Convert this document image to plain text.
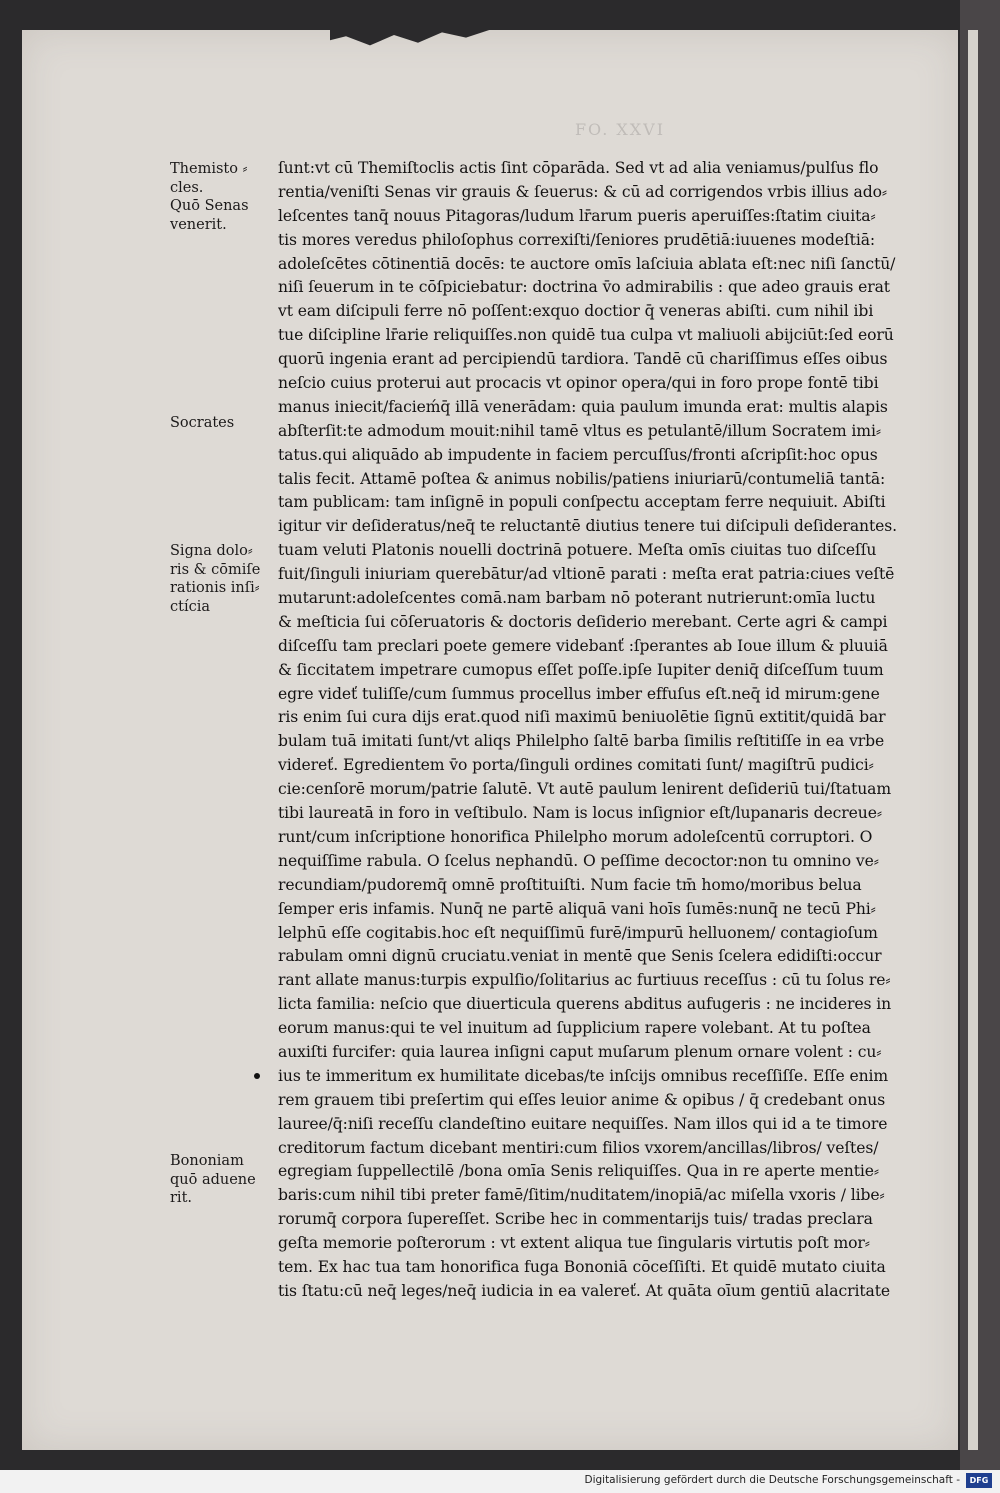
FO. XXVI
Themisto ⸗
cles.
Quō Senas
venerit.
Socrates
Signa dolo⸗
ris & cōmiſe
rationis inſi⸗
ctícia
Bononiam
quō aduene
rit.
ſunt:vt cū Themiſtoclis actis ſint cōparāda. Sed vt ad alia veniamus/pulſus flo
rentia/veniſti Senas vir grauis & ſeuerus: & cū ad corrigendos vrbis illius ado⸗
leſcentes tanq̄ nouus Pitagoras/ludum lr̄arum pueris aperuiſſes:ſtatim ciuita⸗
tis mores veredus philoſophus correxiſti/ſeniores prudētiā:iuuenes modeſtiā:
adoleſcētes cōtinentiā docēs: te auctore omīs laſciuia ablata eſt:nec niſi ſanctū/
niſi ſeuerum in te cōſpiciebatur: doctrina v̄o admirabilis : que adeo grauis erat
vt eam diſcipuli ferre nō poſſent:exquo doctior q̄ veneras abiſti. cum nihil ibi
tue diſcipline lr̄arie reliquiſſes.non quidē tua culpa vt maliuoli abijciūt:ſed eorū
quorū ingenia erant ad percipiendū tardiora. Tandē cū chariſſimus eſſes oibus
neſcio cuius proterui aut procacis vt opinor opera/qui in foro prope fontē tibi
manus iniecit/facieḿq̄ illā venerādam: quia paulum imunda erat: multis alapis
abſterſit:te admodum mouit:nihil tamē vltus es petulantē/illum Socratem imi⸗
tatus.qui aliquādo ab impudente in faciem percuſſus/fronti aſcripſit:hoc opus
talis fecit. Attamē poſtea & animus nobilis/patiens iniuriarū/contumeliā tantā:
tam publicam: tam inſignē in populi conſpectu acceptam ferre nequiuit. Abiſti
igitur vir deſideratus/neq̄ te reluctantē diutius tenere tui diſcipuli deſiderantes.
tuam veluti Platonis nouelli doctrinā potuere. Meſta omīs ciuitas tuo diſceſſu
fuit/ſinguli iniuriam querebātur/ad vltionē parati : meſta erat patria:ciues veſtē
mutarunt:adoleſcentes comā.nam barbam nō poterant nutrierunt:omīa luctu
& meſticia ſui cōſeruatoris & doctoris deſiderio merebant. Certe agri & campi
diſceſſu tam preclari poete gemere videbanť :ſperantes ab Ioue illum & pluuiā
& ſiccitatem impetrare cumopus eſſet poſſe.ipſe Iupiter deniq̄ diſceſſum tuum
egre videť tuliſſe/cum ſummus procellus imber effuſus eſt.neq̄ id mirum:gene
ris enim ſui cura dijs erat.quod niſi maximū beniuolētie ſignū extitit/quidā bar
bulam tuā imitati ſunt/vt aliqs Philelpho ſaltē barba ſimilis reſtitiſſe in ea vrbe
videreť. Egredientem v̄o porta/ſinguli ordines comitati ſunt/ magiſtrū pudici⸗
cie:cenſorē morum/patrie ſalutē. Vt autē paulum lenirent deſideriū tui/ſtatuam
tibi laureatā in foro in veſtibulo. Nam is locus inſignior eſt/lupanaris decreue⸗
runt/cum inſcriptione honorifica Philelpho morum adoleſcentū corruptori. O
nequiſſime rabula. O ſcelus nephandū. O peſſime decoctor:non tu omnino ve⸗
recundiam/pudoremq̄ omnē proſtituiſti. Num facie tm̄ homo/moribus belua
ſemper eris infamis. Nunq̄ ne partē aliquā vani hoīs ſumēs:nunq̄ ne tecū Phi⸗
lelphū eſſe cogitabis.hoc eſt nequiſſimū furē/impurū helluonem/ contagioſum
rabulam omni dignū cruciatu.veniat in mentē que Senis ſcelera edidiſti:occur
rant allate manus:turpis expulſio/ſolitarius ac furtiuus receſſus : cū tu ſolus re⸗
licta familia: neſcio que diuerticula querens abditus aufugeris : ne incideres in
eorum manus:qui te vel inuitum ad ſupplicium rapere volebant. At tu poſtea
auxiſti furcifer: quia laurea inſigni caput muſarum plenum ornare volent : cu⸗
ius te immeritum ex humilitate dicebas/te inſcijs omnibus receſſiſſe. Eſſe enim
rem grauem tibi preſertim qui eſſes leuior anime & opibus / q̄ credebant onus
lauree/q̄:niſi receſſu clandeſtino euitare nequiſſes. Nam illos qui id a te timore
creditorum factum dicebant mentiri:cum filios vxorem/ancillas/libros/ veſtes/
egregiam ſuppellectilē /bona omīa Senis reliquiſſes. Qua in re aperte mentie⸗
baris:cum nihil tibi preter famē/ſitim/nuditatem/inopiā/ac miſella vxoris / libe⸗
rorumq̄ corpora ſupereſſet. Scribe hec in commentarijs tuis/ tradas preclara
geſta memorie poſterorum : vt extent aliqua tue ſingularis virtutis poſt mor⸗
tem. Ex hac tua tam honorifica fuga Bononiā cōceſſiſti. Et quidē mutato ciuita
tis ſtatu:cū neq̄ leges/neq̄ iudicia in ea valereť. At quāta oīum gentiū alacritate
Digitalisierung gefördert durch die Deutsche Forschungsgemeinschaft -	DFG
